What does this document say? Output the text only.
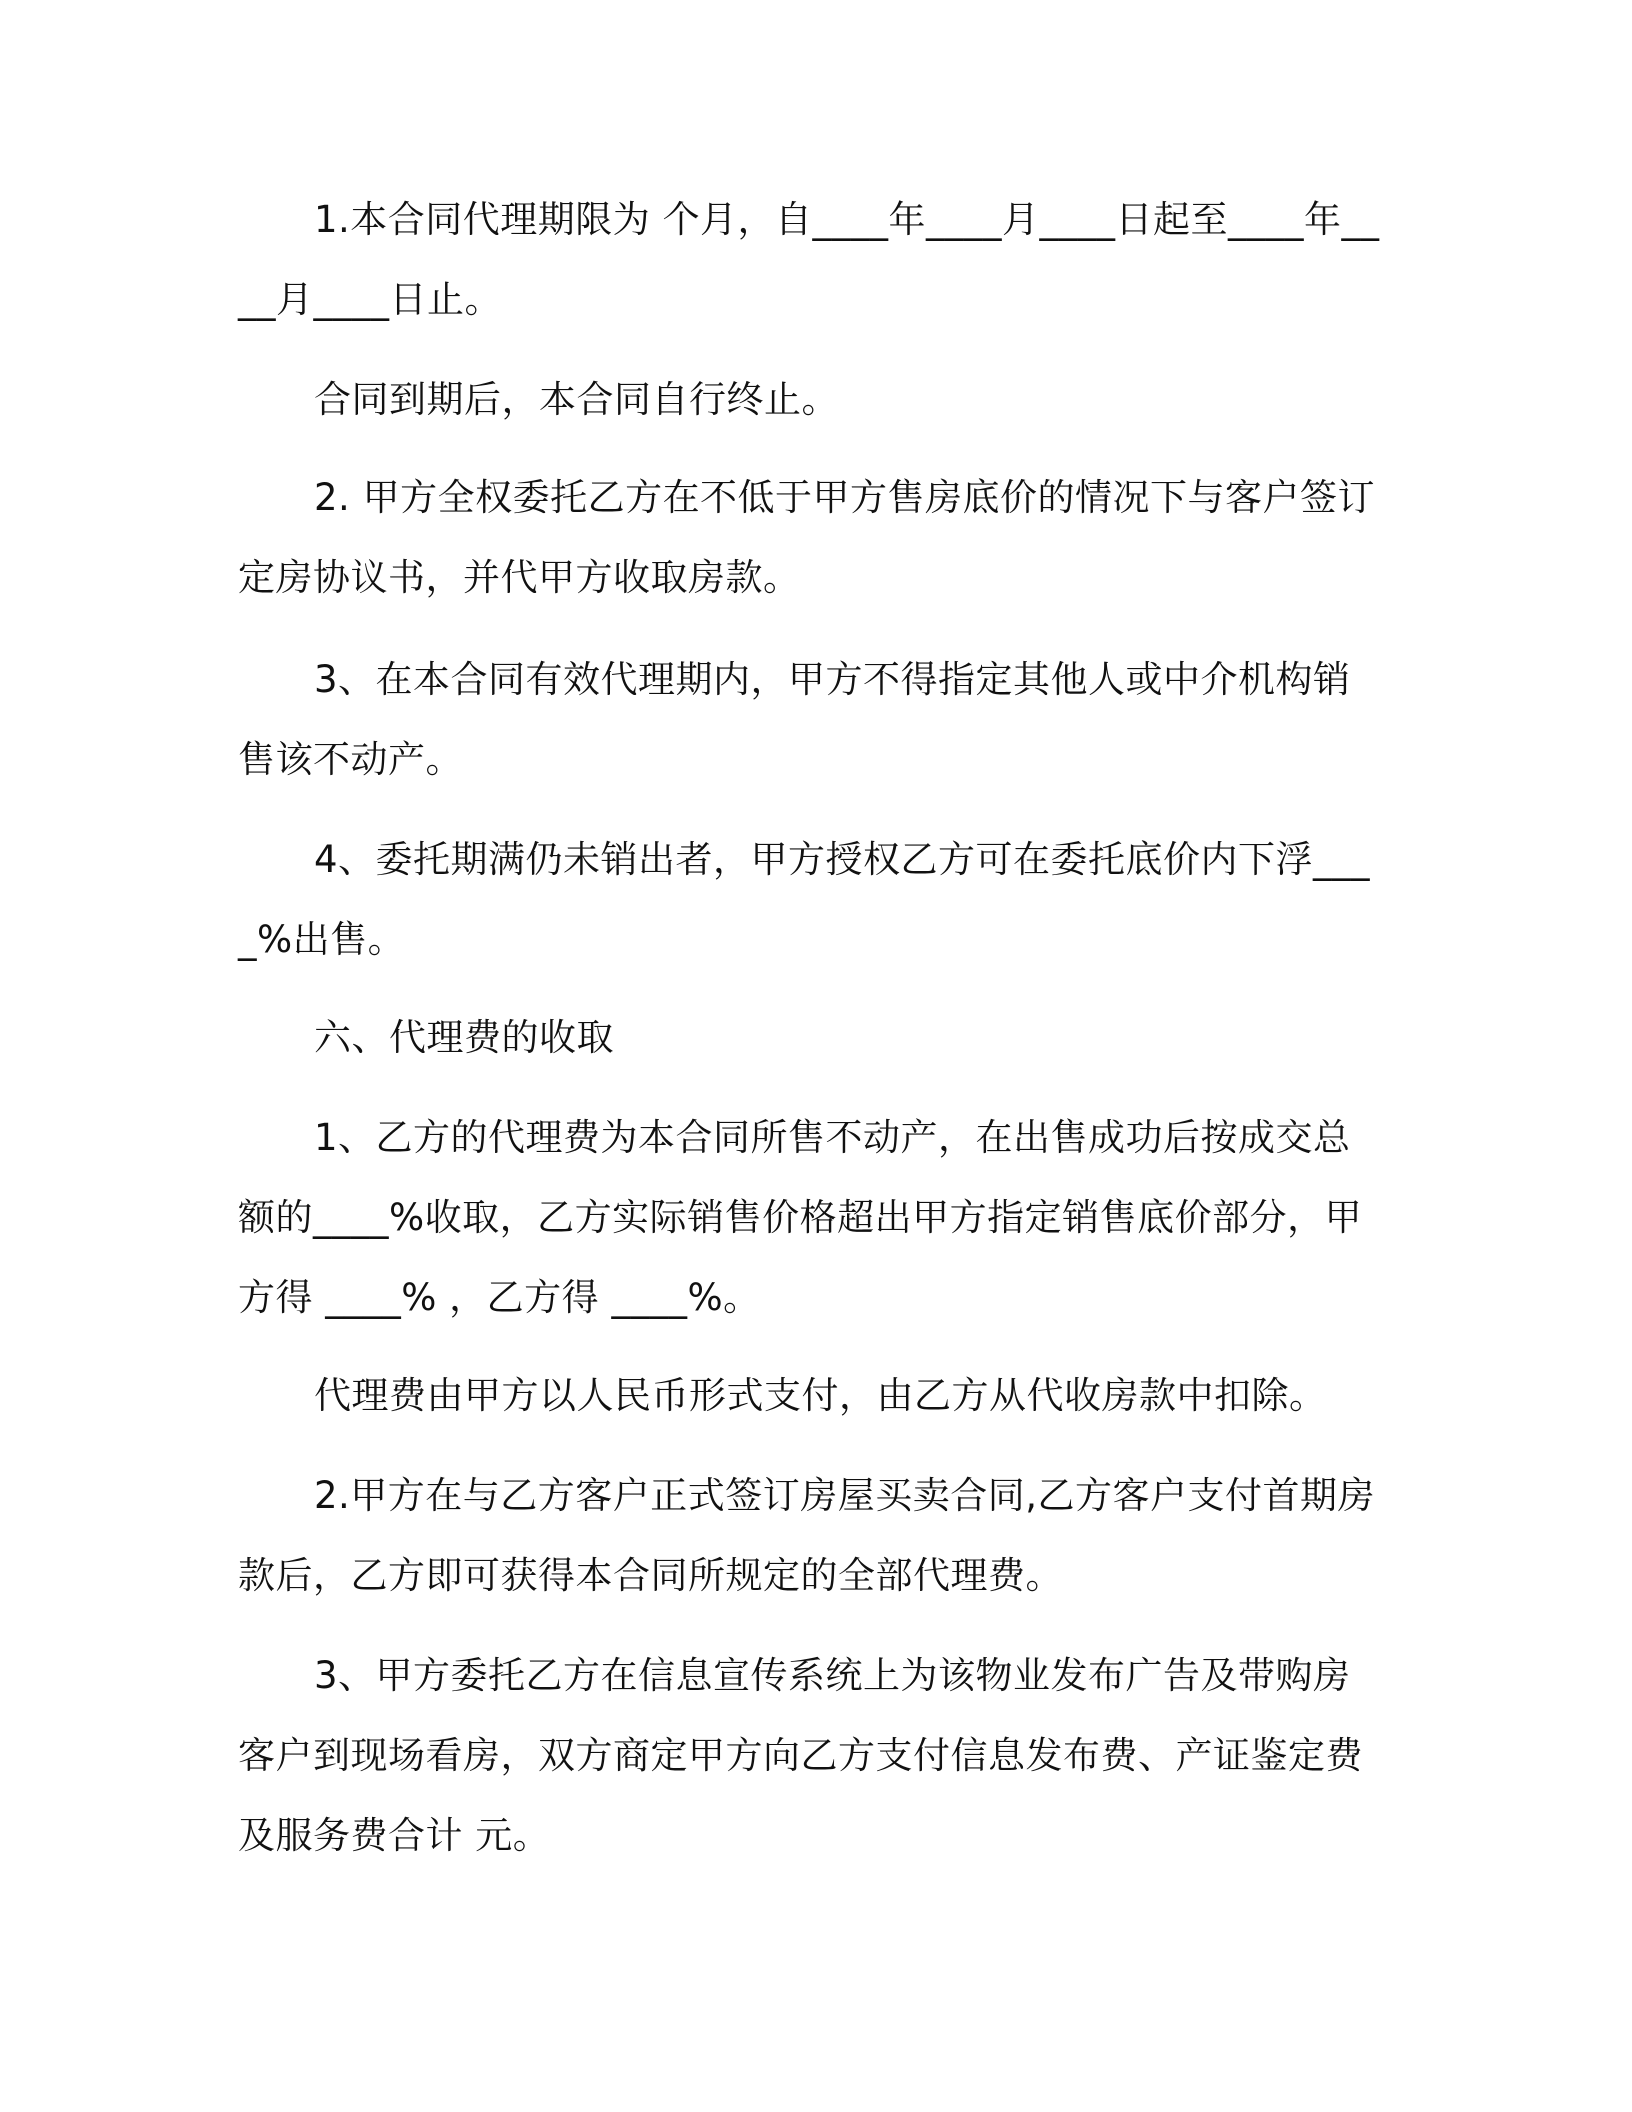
1.本合同代理期限为 个月，自____年____月____日起至____年____月____日止。

合同到期后，本合同自行终止。

2. 甲方全权委托乙方在不低于甲方售房底价的情况下与客户签订定房协议书，并代甲方收取房款。

3、在本合同有效代理期内，甲方不得指定其他人或中介机构销售该不动产。

4、委托期满仍未销出者，甲方授权乙方可在委托底价内下浮____%出售。

六、代理费的收取

1、乙方的代理费为本合同所售不动产，在出售成功后按成交总额的____%收取，乙方实际销售价格超出甲方指定销售底价部分，甲方得 ____% ，乙方得 ____%。

代理费由甲方以人民币形式支付，由乙方从代收房款中扣除。

2.甲方在与乙方客户正式签订房屋买卖合同,乙方客户支付首期房款后，乙方即可获得本合同所规定的全部代理费。

3、甲方委托乙方在信息宣传系统上为该物业发布广告及带购房客户到现场看房，双方商定甲方向乙方支付信息发布费、产证鉴定费及服务费合计 元。
